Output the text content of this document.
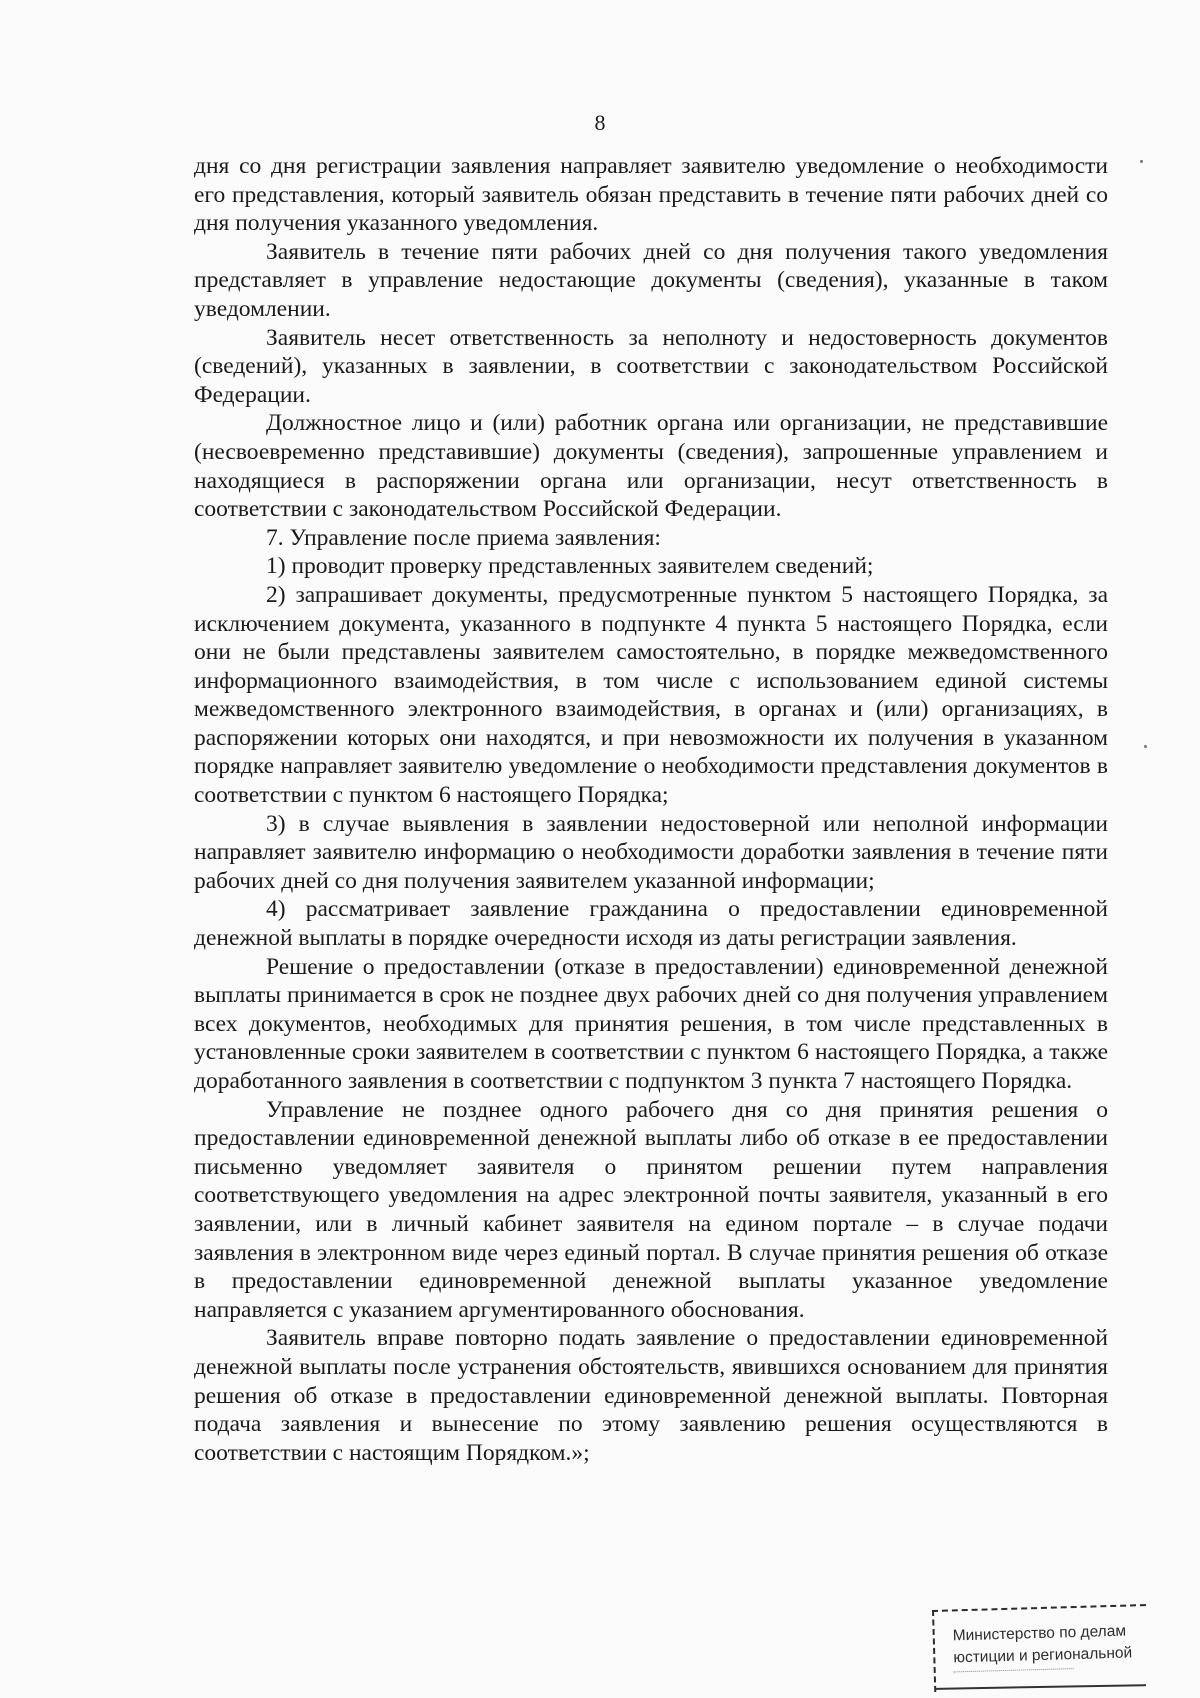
8

дня со дня регистрации заявления направляет заявителю уведомление о необходимости его представления, который заявитель обязан представить в течение пяти рабочих дней со дня получения указанного уведомления.

Заявитель в течение пяти рабочих дней со дня получения такого уведомления представляет в управление недостающие документы (сведения), указанные в таком уведомлении.

Заявитель несет ответственность за неполноту и недостоверность документов (сведений), указанных в заявлении, в соответствии с законодательством Российской Федерации.

Должностное лицо и (или) работник органа или организации, не представившие (несвоевременно представившие) документы (сведения), запрошенные управлением и находящиеся в распоряжении органа или организации, несут ответственность в соответствии с законодательством Российской Федерации.

7. Управление после приема заявления:

1) проводит проверку представленных заявителем сведений;

2) запрашивает документы, предусмотренные пунктом 5 настоящего Порядка, за исключением документа, указанного в подпункте 4 пункта 5 настоящего Порядка, если они не были представлены заявителем самостоятельно, в порядке межведомственного информационного взаимодействия, в том числе с использованием единой системы межведомственного электронного взаимодействия, в органах и (или) организациях, в распоряжении которых они находятся, и при невозможности их получения в указанном порядке направляет заявителю уведомление о необходимости представления документов в соответствии с пунктом 6 настоящего Порядка;

3) в случае выявления в заявлении недостоверной или неполной информации направляет заявителю информацию о необходимости доработки заявления в течение пяти рабочих дней со дня получения заявителем указанной информации;

4) рассматривает заявление гражданина о предоставлении единовременной денежной выплаты в порядке очередности исходя из даты регистрации заявления.

Решение о предоставлении (отказе в предоставлении) единовременной денежной выплаты принимается в срок не позднее двух рабочих дней со дня получения управлением всех документов, необходимых для принятия решения, в том числе представленных в установленные сроки заявителем в соответствии с пунктом 6 настоящего Порядка, а также доработанного заявления в соответствии с подпунктом 3 пункта 7 настоящего Порядка.

Управление не позднее одного рабочего дня со дня принятия решения о предоставлении единовременной денежной выплаты либо об отказе в ее предоставлении письменно уведомляет заявителя о принятом решении путем направления соответствующего уведомления на адрес электронной почты заявителя, указанный в его заявлении, или в личный кабинет заявителя на едином портале – в случае подачи заявления в электронном виде через единый портал. В случае принятия решения об отказе в предоставлении единовременной денежной выплаты указанное уведомление направляется с указанием аргументированного обоснования.

Заявитель вправе повторно подать заявление о предоставлении единовременной денежной выплаты после устранения обстоятельств, явившихся основанием для принятия решения об отказе в предоставлении единовременной денежной выплаты. Повторная подача заявления и вынесение по этому заявлению решения осуществляются в соответствии с настоящим Порядком.»;

Министерство по делам
юстиции и региональной
